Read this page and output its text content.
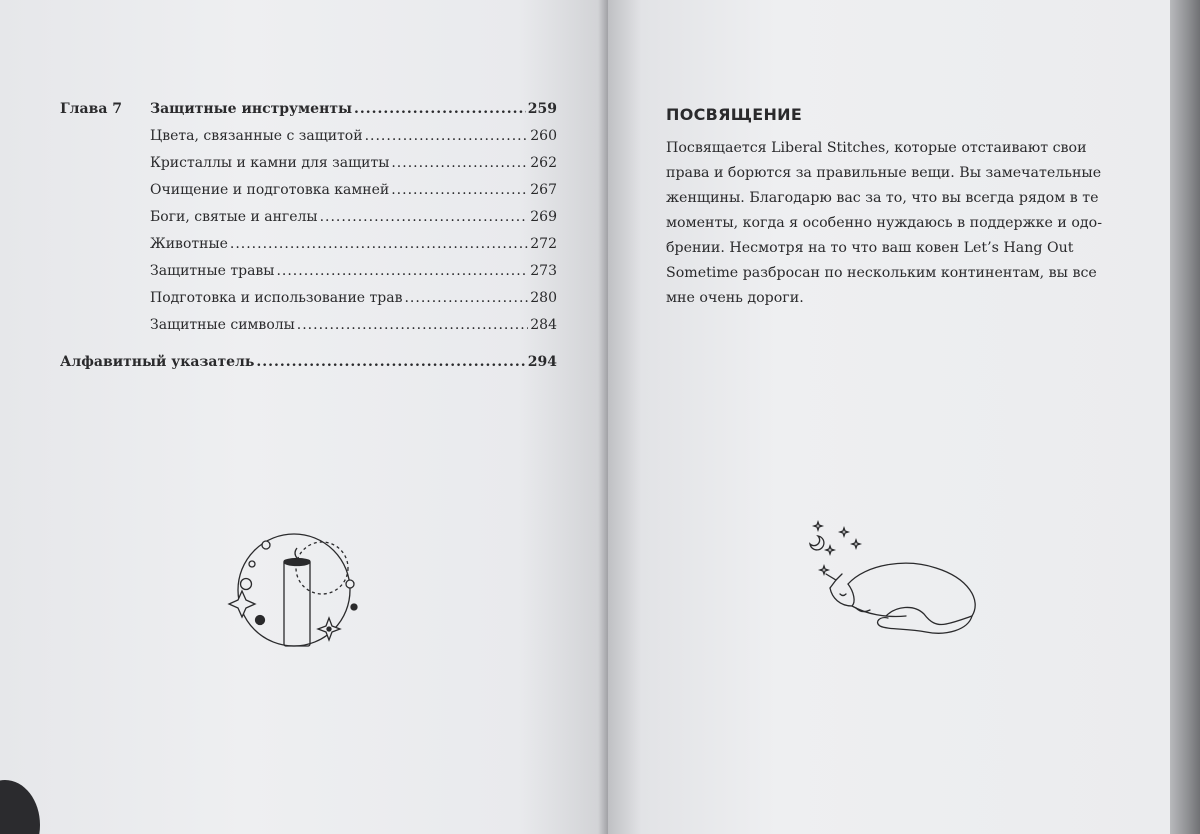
Глава 7 Защитные инструменты .....	259
Цвета, связанные с защитой .....	260
Кристаллы и камни для защиты .....	262
Очищение и подготовка камней .....	267
Боги, святые и ангелы .....	269
Животные .....	272
Защитные травы .....	273
Подготовка и использование трав .....	280
Защитные символы .....	284
Алфавитный указатель .....	294
ПОСВЯЩЕНИЕ
Посвящается Liberal Stitches, которые отстаивают свои
права и борются за правильные вещи. Вы замечательные
женщины. Благодарю вас за то, что вы всегда рядом в те
моменты, когда я особенно нуждаюсь в поддержке и одо-
брении. Несмотря на то что ваш ковен Let’s Hang Out
Sometime разбросан по нескольким континентам, вы все
мне очень дороги.
